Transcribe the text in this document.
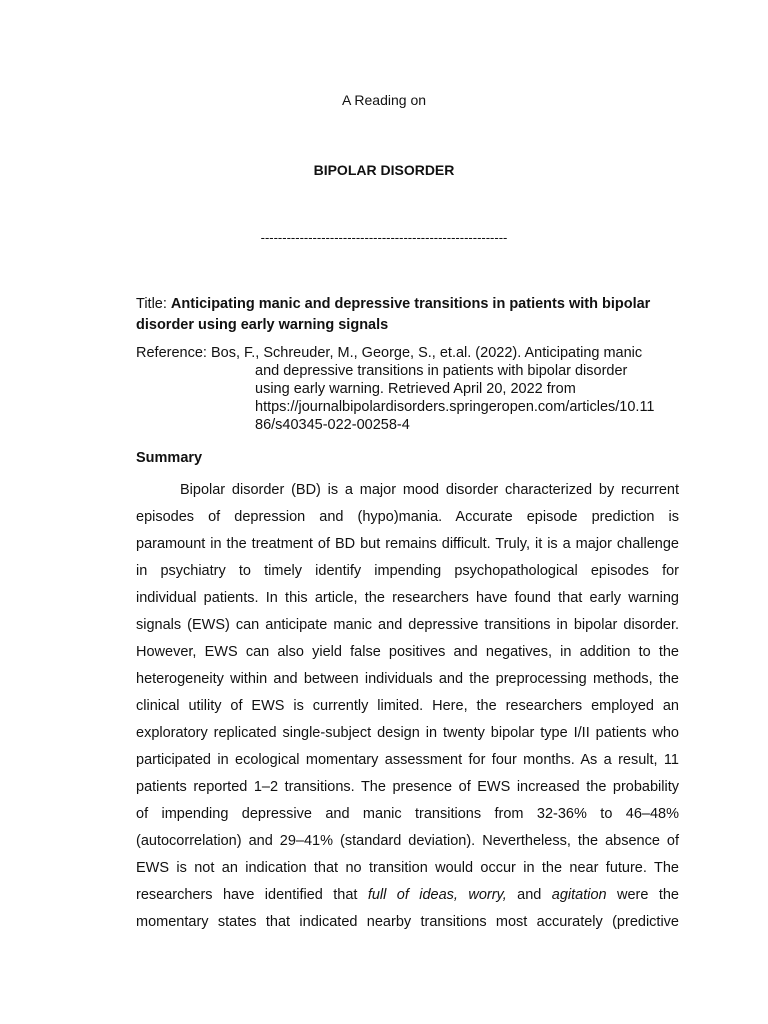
A Reading on

BIPOLAR DISORDER

---------------------------------------------------------

Title: Anticipating manic and depressive transitions in patients with bipolar
disorder using early warning signals
Reference: Bos, F., Schreuder, M., George, S., et.al. (2022). Anticipating manic
and depressive transitions in patients with bipolar disorder
using early warning. Retrieved April 20, 2022 from
https://journalbipolardisorders.springeropen.com/articles/10.11
86/s40345-022-00258-4

Summary

Bipolar disorder (BD) is a major mood disorder characterized by recurrent
episodes of depression and (hypo)mania. Accurate episode prediction is
paramount in the treatment of BD but remains difficult. Truly, it is a major challenge
in psychiatry to timely identify impending psychopathological episodes for
individual patients. In this article, the researchers have found that early warning
signals (EWS) can anticipate manic and depressive transitions in bipolar disorder.
However, EWS can also yield false positives and negatives, in addition to the
heterogeneity within and between individuals and the preprocessing methods, the
clinical utility of EWS is currently limited. Here, the researchers employed an
exploratory replicated single-subject design in twenty bipolar type I/II patients who
participated in ecological momentary assessment for four months. As a result, 11
patients reported 1–2 transitions. The presence of EWS increased the probability
of impending depressive and manic transitions from 32-36% to 46–48%
(autocorrelation) and 29–41% (standard deviation). Nevertheless, the absence of
EWS is not an indication that no transition would occur in the near future. The
researchers have identified that full of ideas, worry, and agitation were the
momentary states that indicated nearby transitions most accurately (predictive
